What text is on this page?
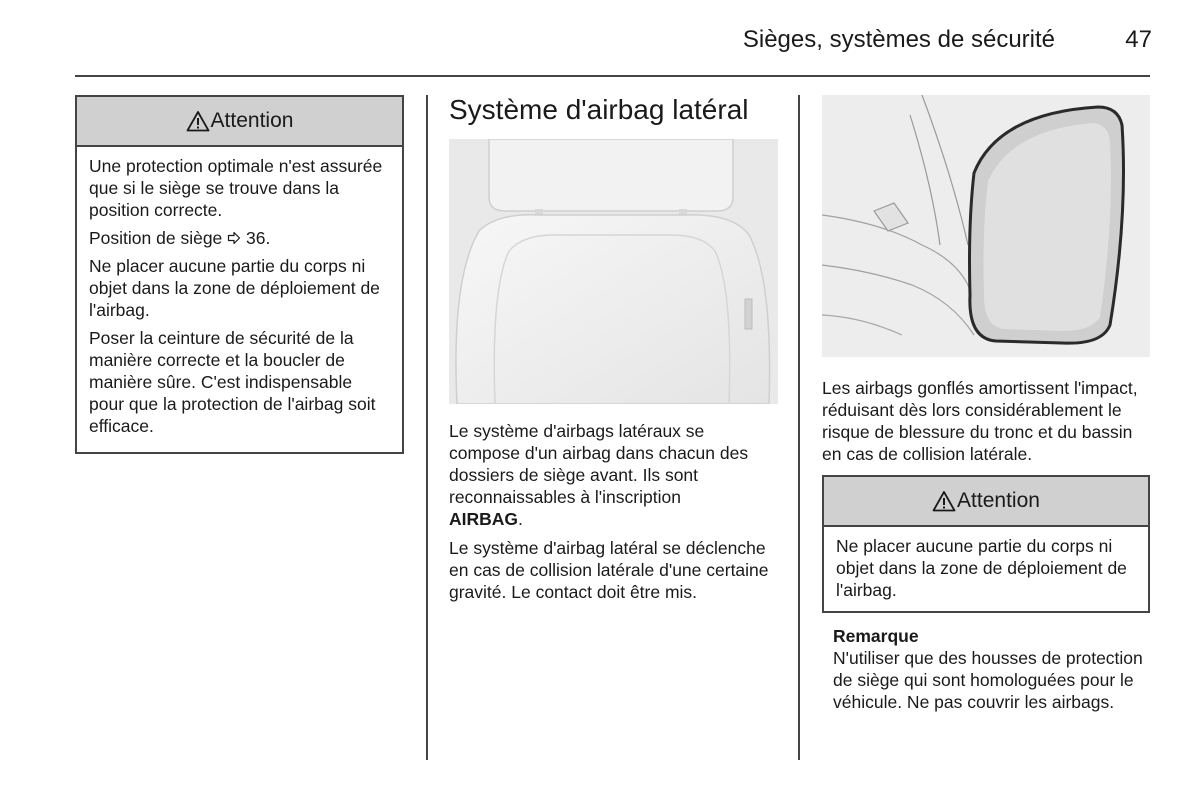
Sièges, systèmes de sécurité	47
Attention

Une protection optimale n'est assurée que si le siège se trouve dans la position correcte.

Position de siège 36.

Ne placer aucune partie du corps ni objet dans la zone de déploiement de l'airbag.

Poser la ceinture de sécurité de la manière correcte et la boucler de manière sûre. C'est indispensable pour que la protection de l'airbag soit efficace.

Système d'airbag latéral

Le système d'airbags latéraux se compose d'un airbag dans chacun des dossiers de siège avant. Ils sont reconnaissables à l'inscription
AIRBAG.

Le système d'airbag latéral se déclenche en cas de collision latérale d'une certaine gravité. Le contact doit être mis.

Les airbags gonflés amortissent l'impact, réduisant dès lors considérablement le risque de blessure du tronc et du bassin en cas de collision latérale.
Attention

Ne placer aucune partie du corps ni objet dans la zone de déploiement de l'airbag.

Remarque
N'utiliser que des housses de protection de siège qui sont homologuées pour le véhicule. Ne pas couvrir les airbags.
